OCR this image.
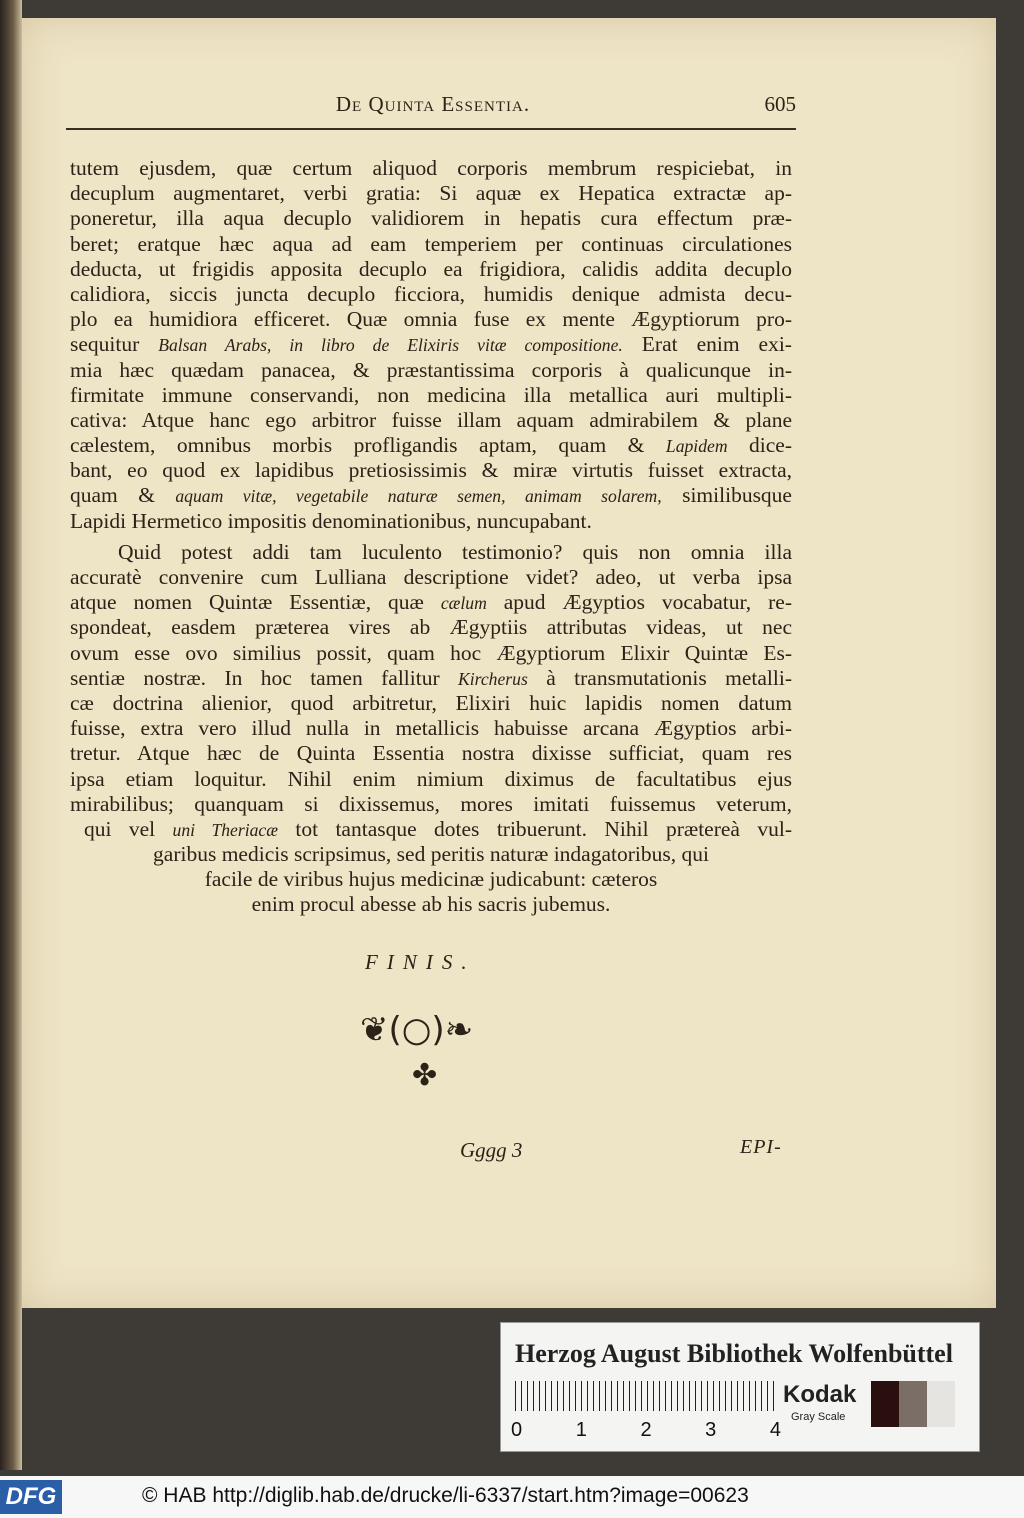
De Quinta Essentia.	605
tutem ejusdem, quæ certum aliquod corporis membrum respiciebat, in
decuplum augmentaret, verbi gratia: Si aquæ ex Hepatica extractæ ap-
poneretur, illa aqua decuplo validiorem in hepatis cura effectum præ-
beret; eratque hæc aqua ad eam temperiem per continuas circulationes
deducta, ut frigidis apposita decuplo ea frigidiora, calidis addita decuplo
calidiora, siccis juncta decuplo ficciora, humidis denique admista decu-
plo ea humidiora efficeret. Quæ omnia fuse ex mente Ægyptiorum pro-
sequitur Balsan Arabs, in libro de Elixiris vitæ compositione. Erat enim exi-
mia hæc quædam panacea, & præstantissima corporis à qualicunque in-
firmitate immune conservandi, non medicina illa metallica auri multipli-
cativa: Atque hanc ego arbitror fuisse illam aquam admirabilem & plane
cælestem, omnibus morbis profligandis aptam, quam & Lapidem dice-
bant, eo quod ex lapidibus pretiosissimis & miræ virtutis fuisset extracta,
quam & aquam vitæ, vegetabile naturæ semen, animam solarem, similibusque
Lapidi Hermetico impositis denominationibus, nuncupabant.
Quid potest addi tam luculento testimonio? quis non omnia illa
accuratè convenire cum Lulliana descriptione videt? adeo, ut verba ipsa
atque nomen Quintæ Essentiæ, quæ cælum apud Ægyptios vocabatur, re-
spondeat, easdem præterea vires ab Ægyptiis attributas videas, ut nec
ovum esse ovo similius possit, quam hoc Ægyptiorum Elixir Quintæ Es-
sentiæ nostræ. In hoc tamen fallitur Kircherus à transmutationis metalli-
cæ doctrina alienior, quod arbitretur, Elixiri huic lapidis nomen datum
fuisse, extra vero illud nulla in metallicis habuisse arcana Ægyptios arbi-
tretur. Atque hæc de Quinta Essentia nostra dixisse sufficiat, quam res
ipsa etiam loquitur. Nihil enim nimium diximus de facultatibus ejus
mirabilibus; quanquam si dixissemus, mores imitati fuissemus veterum,
qui vel uni Theriacæ tot tantasque dotes tribuerunt. Nihil prætereà vul-
garibus medicis scripsimus, sed peritis naturæ indagatoribus, qui
facile de viribus hujus medicinæ judicabunt: cæteros
enim procul abesse ab his sacris jubemus.
FINIS.
❦(○)❧
✤
Gggg 3	EPI-
Herzog August Bibliothek Wolfenbüttel
0	1	2	3	4
Kodak
Gray Scale
DFG	© HAB http://diglib.hab.de/drucke/li-6337/start.htm?image=00623
